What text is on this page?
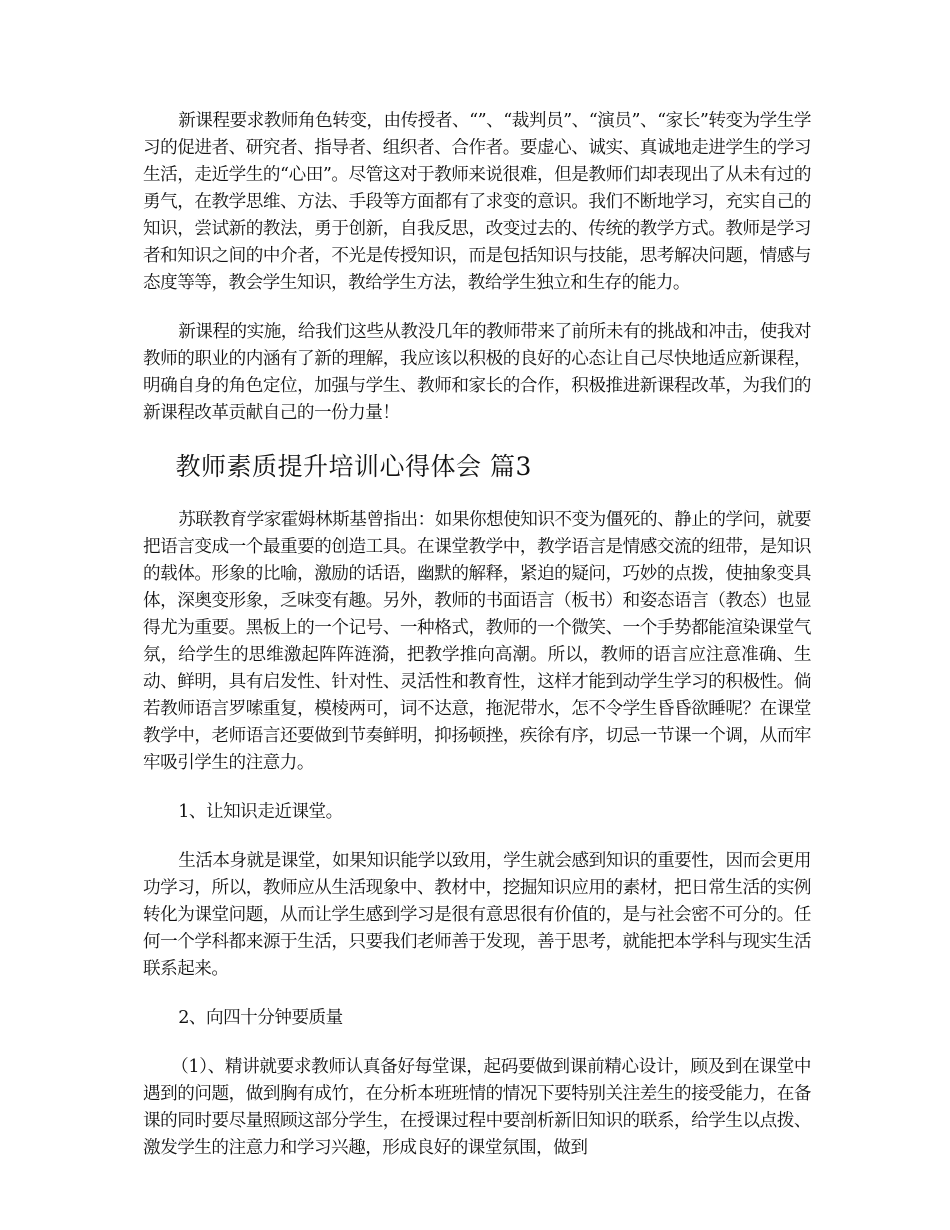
新课程要求教师角色转变，由传授者、“”、“裁判员”、“演员”、“家长”转变为学生学习的促进者、研究者、指导者、组织者、合作者。要虚心、诚实、真诚地走进学生的学习生活，走近学生的“心田”。尽管这对于教师来说很难，但是教师们却表现出了从未有过的勇气，在教学思维、方法、手段等方面都有了求变的意识。我们不断地学习，充实自己的知识，尝试新的教法，勇于创新，自我反思，改变过去的、传统的教学方式。教师是学习者和知识之间的中介者，不光是传授知识，而是包括知识与技能，思考解决问题，情感与态度等等，教会学生知识，教给学生方法，教给学生独立和生存的能力。

新课程的实施，给我们这些从教没几年的教师带来了前所未有的挑战和冲击，使我对教师的职业的内涵有了新的理解，我应该以积极的良好的心态让自己尽快地适应新课程，明确自身的角色定位，加强与学生、教师和家长的合作，积极推进新课程改革，为我们的新课程改革贡献自己的一份力量！

教师素质提升培训心得体会 篇3

苏联教育学家霍姆林斯基曾指出：如果你想使知识不变为僵死的、静止的学问，就要把语言变成一个最重要的创造工具。在课堂教学中，教学语言是情感交流的纽带，是知识的载体。形象的比喻，激励的话语，幽默的解释，紧迫的疑问，巧妙的点拨，使抽象变具体，深奥变形象，乏味变有趣。另外，教师的书面语言（板书）和姿态语言（教态）也显得尤为重要。黑板上的一个记号、一种格式，教师的一个微笑、一个手势都能渲染课堂气氛，给学生的思维激起阵阵涟漪，把教学推向高潮。所以，教师的语言应注意准确、生动、鲜明，具有启发性、针对性、灵活性和教育性，这样才能到动学生学习的积极性。倘若教师语言罗嗦重复，模棱两可，词不达意，拖泥带水，怎不令学生昏昏欲睡呢？在课堂教学中，老师语言还要做到节奏鲜明，抑扬顿挫，疾徐有序，切忌一节课一个调，从而牢牢吸引学生的注意力。

1、让知识走近课堂。

生活本身就是课堂，如果知识能学以致用，学生就会感到知识的重要性，因而会更用功学习，所以，教师应从生活现象中、教材中，挖掘知识应用的素材，把日常生活的实例转化为课堂问题，从而让学生感到学习是很有意思很有价值的，是与社会密不可分的。任何一个学科都来源于生活，只要我们老师善于发现，善于思考，就能把本学科与现实生活联系起来。

2、向四十分钟要质量

（1）、精讲就要求教师认真备好每堂课，起码要做到课前精心设计，顾及到在课堂中遇到的问题，做到胸有成竹，在分析本班班情的情况下要特别关注差生的接受能力，在备课的同时要尽量照顾这部分学生，在授课过程中要剖析新旧知识的联系，给学生以点拨、激发学生的注意力和学习兴趣，形成良好的课堂氛围，做到
